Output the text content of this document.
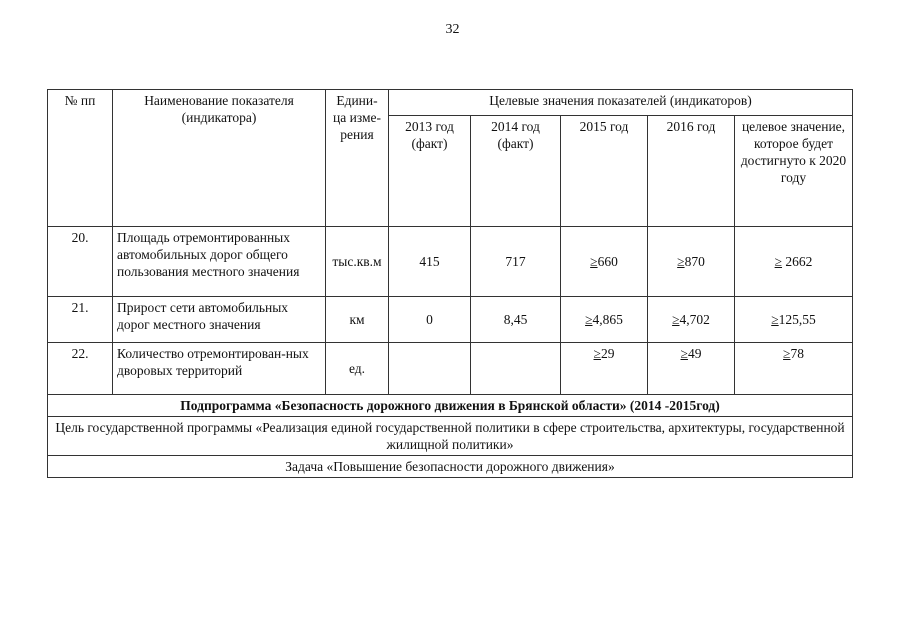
32
№ пп	Наименование показателя (индикатора)	Едини-ца изме-рения	Целевые значения показателей (индикаторов)				
			2013 год (факт)	2014 год (факт)	2015 год	2016 год	целевое значение, которое будет достигнуто к 2020 году
20.	Площадь отремонтированных автомобильных дорог общего пользования местного значения	тыс.кв.м	415	717	≥660	≥870	≥ 2662
21.	Прирост сети автомобильных дорог местного значения	км	0	8,45	≥4,865	≥4,702	≥125,55
22.	Количество отремонтирован-ных дворовых территорий	ед.			≥29	≥49	≥78
Подпрограмма «Безопасность дорожного движения в Брянской области» (2014 -2015год)							
Цель государственной программы «Реализация единой государственной политики в сфере строительства, архитектуры, государственной жилищной политики»							
Задача «Повышение безопасности дорожного движения»							
